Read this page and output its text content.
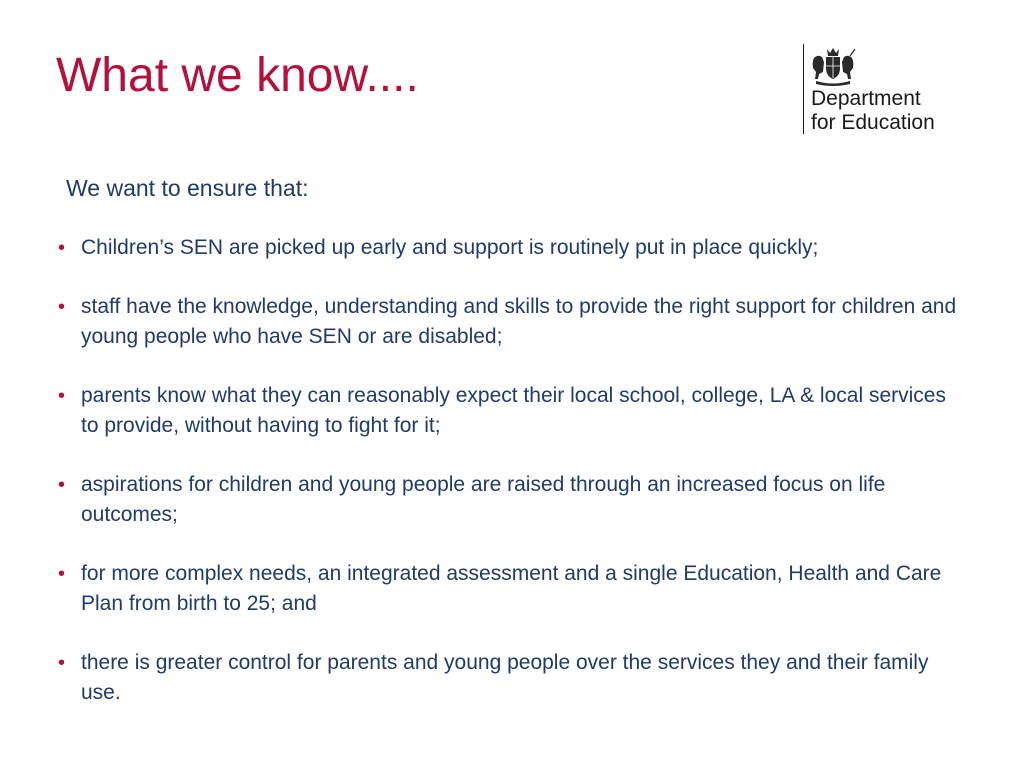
What we know....	Department
for Education
We want to ensure that:
• Children’s SEN are picked up early and support is routinely put in place quickly;
• staff have the knowledge, understanding and skills to provide the right support for children and young people who have SEN or are disabled;
• parents know what they can reasonably expect their local school, college, LA & local services to provide, without having to fight for it;
• aspirations for children and young people are raised through an increased focus on life outcomes;
• for more complex needs, an integrated assessment and a single Education, Health and Care Plan from birth to 25; and
• there is greater control for parents and young people over the services they and their family use.
